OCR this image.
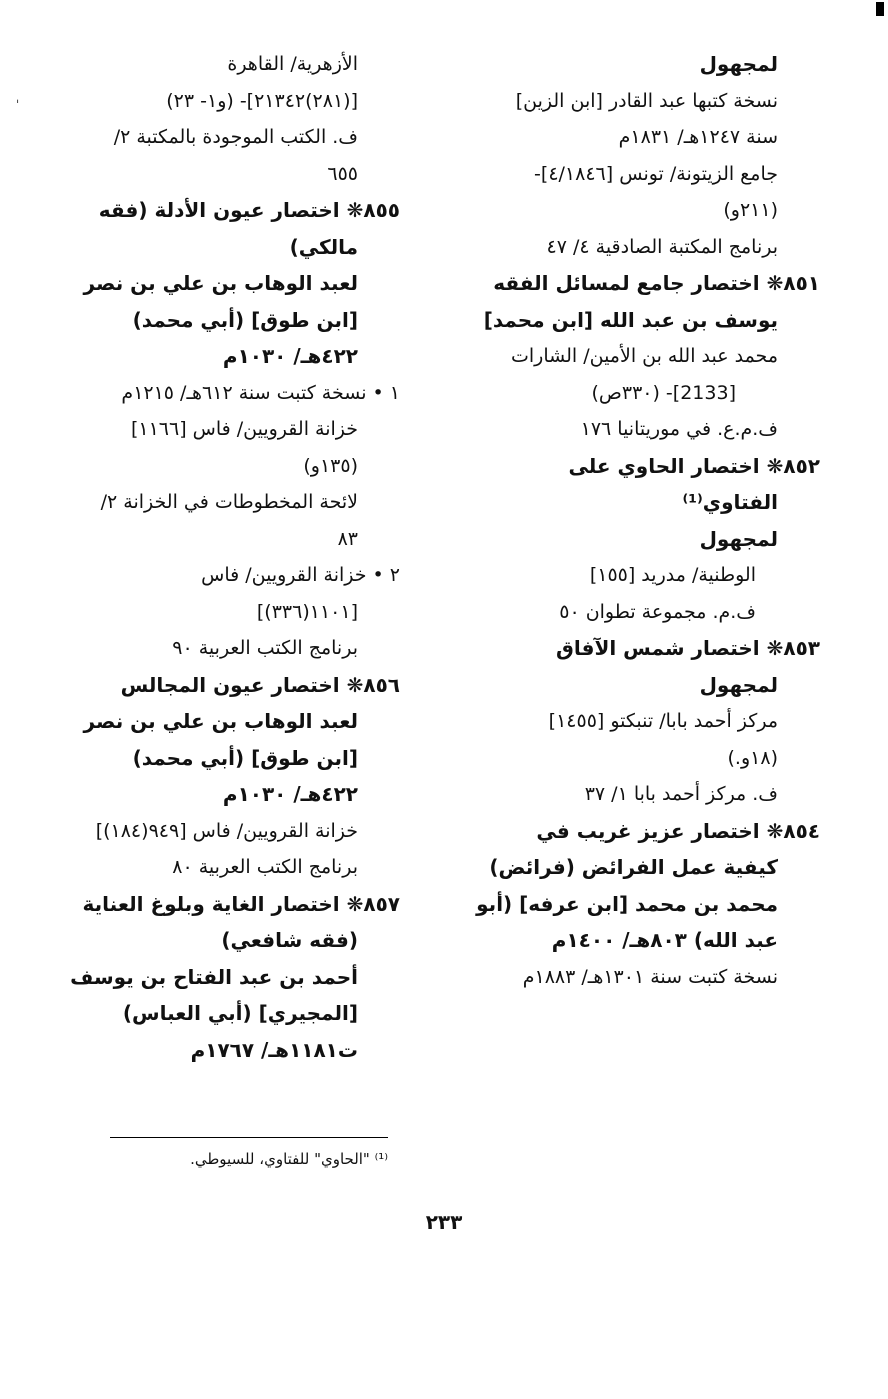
ˈ
لمجهول
نسخة كتبها عبد القادر [ابن الزين]
سنة ١٢٤٧هـ/ ١٨٣١م
جامع الزيتونة/ تونس [٤/١٨٤٦]-
(٢١١و)
برنامج المكتبة الصادقية ٤/ ٤٧
٨٥١❋ اختصار جامع لمسائل الفقه
يوسف بن عبد الله [ابن محمد]
محمد عبد الله بن الأمين/ الشارات
[2133]- (٣٣٠ص)
ف.م.ع. في موريتانيا ١٧٦
٨٥٢❋ اختصار الحاوي على
الفتاوي⁽¹⁾
لمجهول
الوطنية/ مدريد [١٥٥]
ف.م. مجموعة تطوان ٥٠
٨٥٣❋ اختصار شمس الآفاق
لمجهول
مركز أحمد بابا/ تنبكتو [١٤٥٥]
(١٨و.)
ف. مركز أحمد بابا ١/ ٣٧
٨٥٤❋ اختصار عزيز غريب في
كيفية عمل الفرائض (فرائض)
محمد بن محمد [ابن عرفه] (أبو
عبد الله) ٨٠٣هـ/ ١٤٠٠م
نسخة كتبت سنة ١٣٠١هـ/ ١٨٨٣م
الأزهرية/ القاهرة
[(٢٨١)٢١٣٤٢]- (و١- ٢٣)
ف. الكتب الموجودة بالمكتبة ٢/
٦٥٥
٨٥٥❋ اختصار عيون الأدلة (فقه
مالكي)
لعبد الوهاب بن علي بن نصر
[ابن طوق] (أبي محمد)
٤٢٢هـ/ ١٠٣٠م
١ • نسخة كتبت سنة ٦١٢هـ/ ١٢١٥م
خزانة القرويين/ فاس [١١٦٦]
(١٣٥و)
لائحة المخطوطات في الخزانة ٢/
٨٣
٢ • خزانة القرويين/ فاس
[١١٠١(٣٣٦)]
برنامج الكتب العربية ٩٠
٨٥٦❋ اختصار عيون المجالس
لعبد الوهاب بن علي بن نصر
[ابن طوق] (أبي محمد)
٤٢٢هـ/ ١٠٣٠م
خزانة القرويين/ فاس [٩٤٩(١٨٤)]
برنامج الكتب العربية ٨٠
٨٥٧❋ اختصار الغاية وبلوغ العناية
(فقه شافعي)
أحمد بن عبد الفتاح بن يوسف
[المجيري] (أبي العباس)
ت١١٨١هـ/ ١٧٦٧م
⁽¹⁾ "الحاوي" للفتاوي، للسيوطي.
٢٣٣
